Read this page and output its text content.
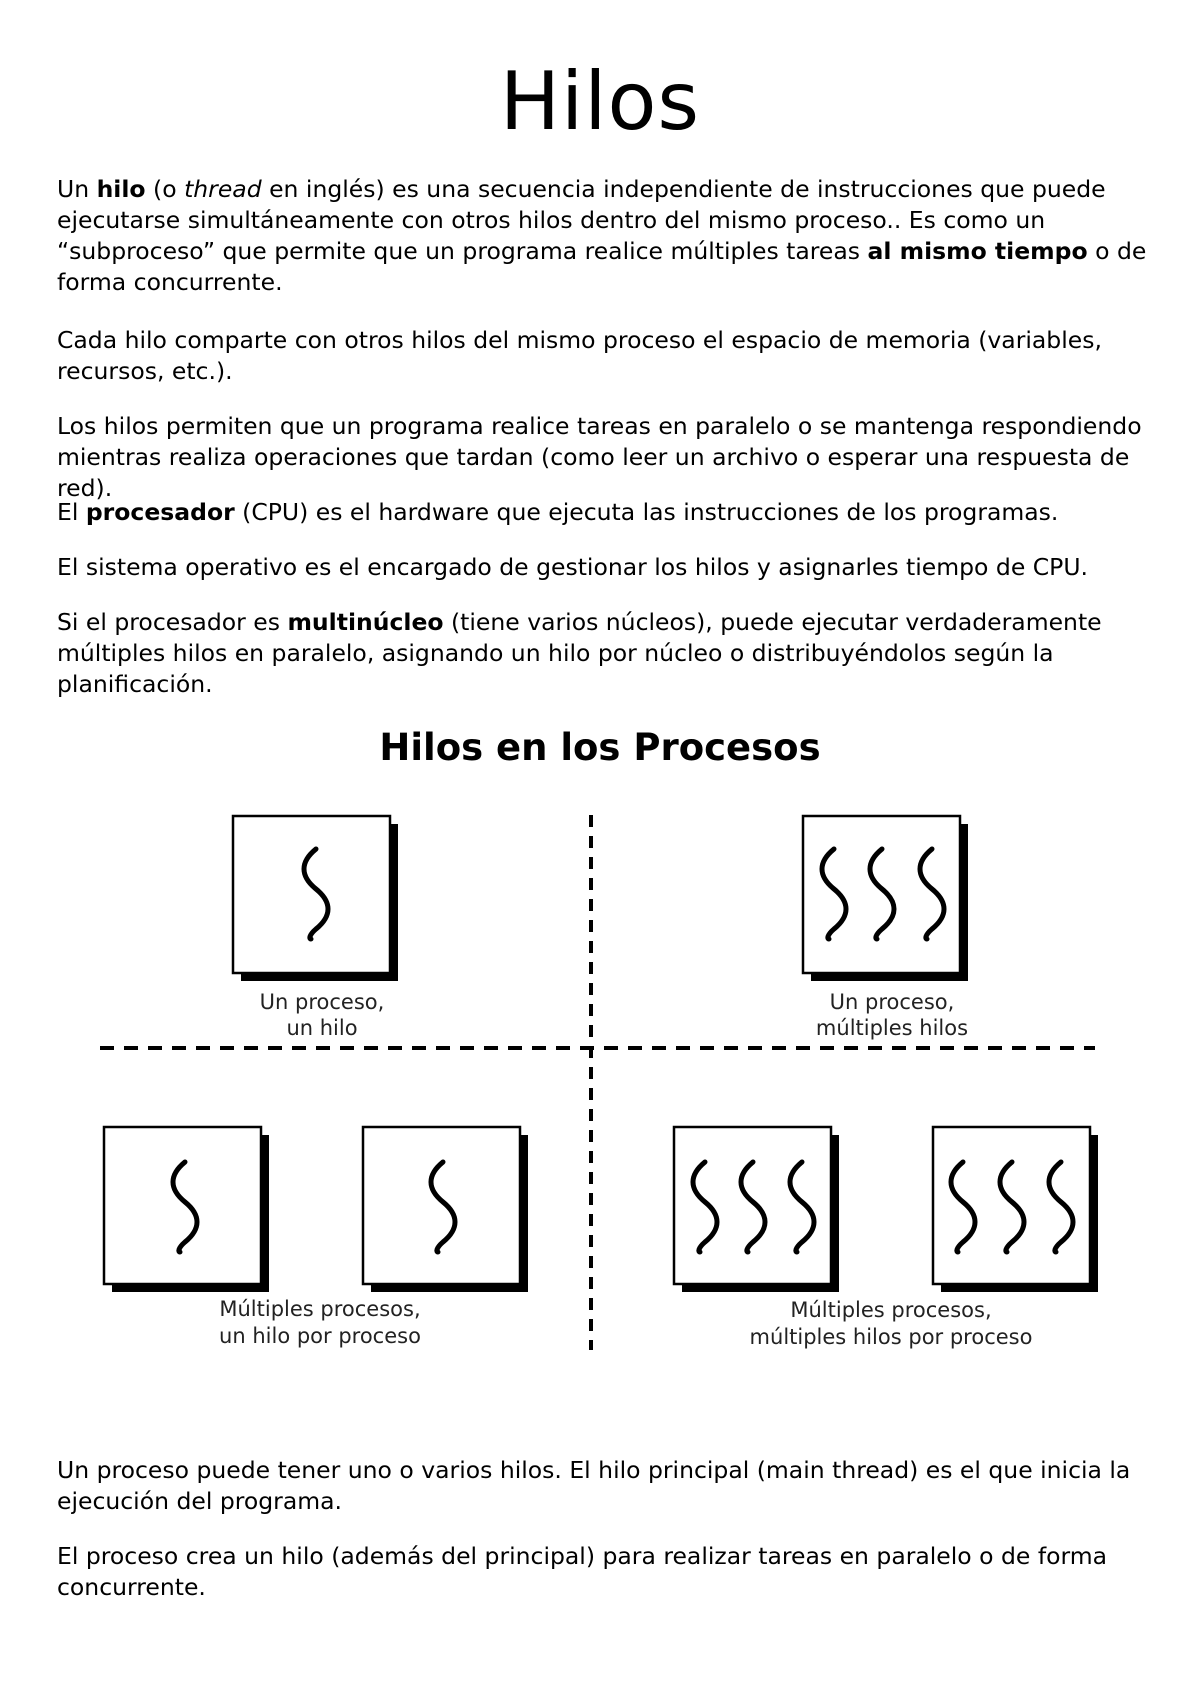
Hilos

Un hilo (o thread en inglés) es una secuencia independiente de instrucciones que puede ejecutarse simultáneamente con otros hilos dentro del mismo proceso.. Es como un “subproceso” que permite que un programa realice múltiples tareas al mismo tiempo o de forma concurrente.

Cada hilo comparte con otros hilos del mismo proceso el espacio de memoria (variables, recursos, etc.).

Los hilos permiten que un programa realice tareas en paralelo o se mantenga respondiendo mientras realiza operaciones que tardan (como leer un archivo o esperar una respuesta de red).

El procesador (CPU) es el hardware que ejecuta las instrucciones de los programas.

El sistema operativo es el encargado de gestionar los hilos y asignarles tiempo de CPU.

Si el procesador es multinúcleo (tiene varios núcleos), puede ejecutar verdaderamente múltiples hilos en paralelo, asignando un hilo por núcleo o distribuyéndolos según la planificación.

Hilos en los Procesos
Un proceso,
un hilo
Un proceso,
múltiples hilos
Múltiples procesos,
un hilo por proceso
Múltiples procesos,
múltiples hilos por proceso

Un proceso puede tener uno o varios hilos. El hilo principal (main thread) es el que inicia la ejecución del programa.

El proceso crea un hilo (además del principal) para realizar tareas en paralelo o de forma concurrente.
